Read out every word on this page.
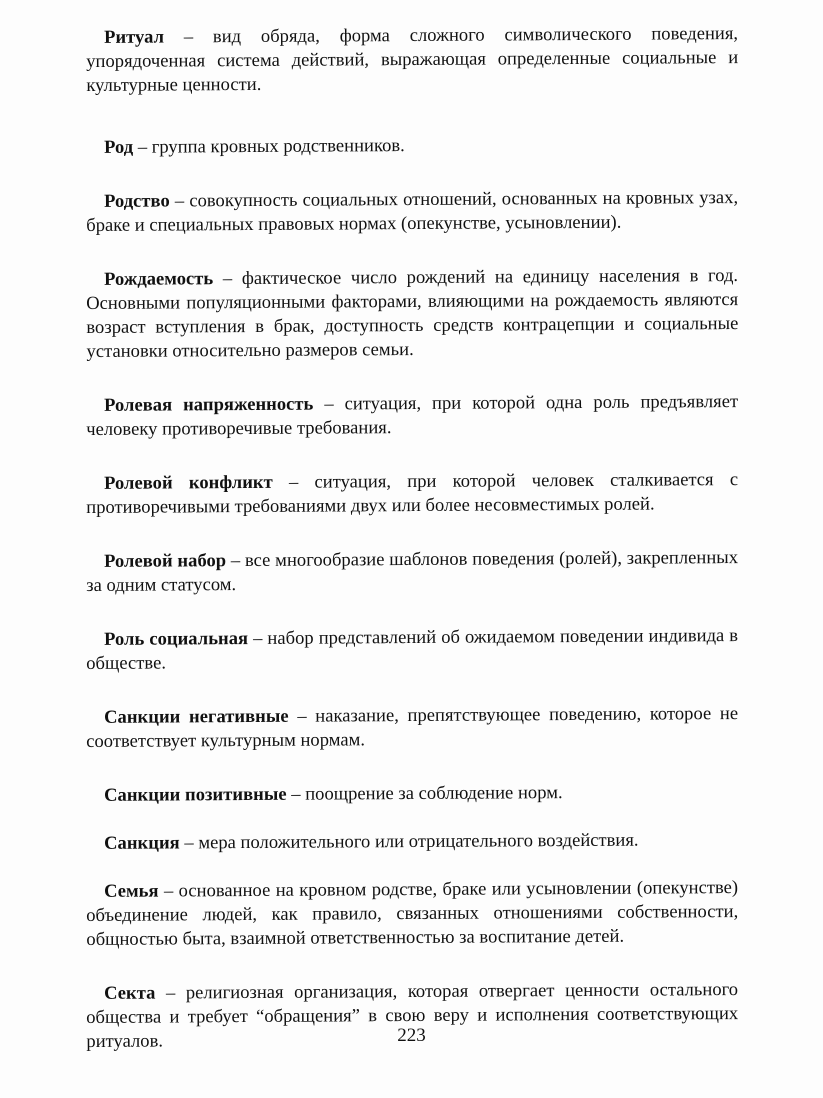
Ритуал – вид обряда, форма сложного символического поведения, упорядоченная система действий, выражающая определенные социальные и культурные ценности.

Род – группа кровных родственников.

Родство – совокупность социальных отношений, основанных на кровных узах, браке и специальных правовых нормах (опекунстве, усыновлении).

Рождаемость – фактическое число рождений на единицу населения в год. Основными популяционными факторами, влияющими на рождаемость являются возраст вступления в брак, доступность средств контрацепции и социальные установки относительно размеров семьи.

Ролевая напряженность – ситуация, при которой одна роль предъявляет человеку противоречивые требования.

Ролевой конфликт – ситуация, при которой человек сталкивается с противоречивыми требованиями двух или более несовместимых ролей.

Ролевой набор – все многообразие шаблонов поведения (ролей), закрепленных за одним статусом.

Роль социальная – набор представлений об ожидаемом поведении индивида в обществе.

Санкции негативные – наказание, препятствующее поведению, которое не соответствует культурным нормам.

Санкции позитивные – поощрение за соблюдение норм.

Санкция – мера положительного или отрицательного воздействия.

Семья – основанное на кровном родстве, браке или усыновлении (опекунстве) объединение людей, как правило, связанных отношениями собственности, общностью быта, взаимной ответственностью за воспитание детей.

Секта – религиозная организация, которая отвергает ценности остального общества и требует “обращения” в свою веру и исполнения соответствующих ритуалов.	223
